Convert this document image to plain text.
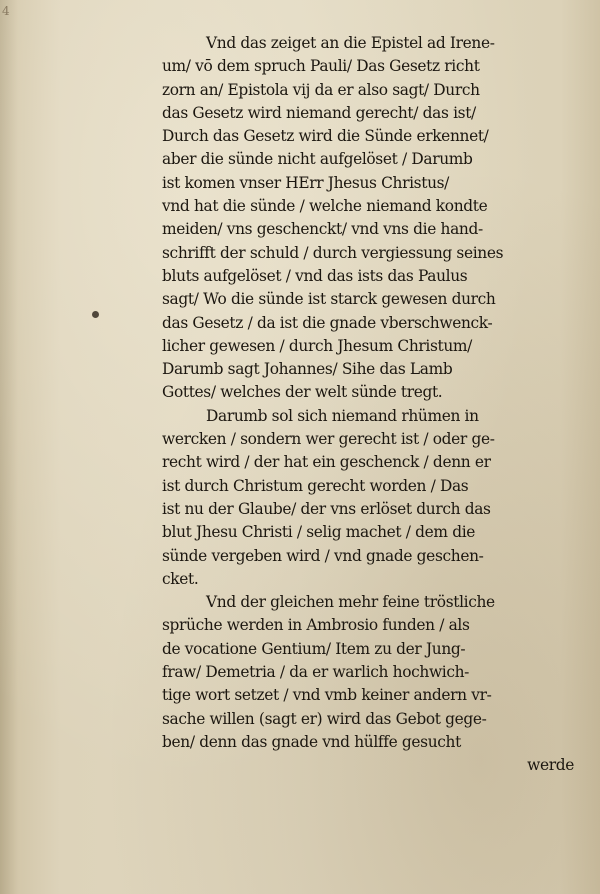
4
Vnd das zeiget an die Epistel ad Irene-
um/ vō dem spruch Pauli/ Das Gesetz richt
zorn an/ Epistola vij da er also sagt/ Durch
das Gesetz wird niemand gerecht/ das ist/
Durch das Gesetz wird die Sünde erkennet/
aber die sünde nicht aufgelöset / Darumb
ist komen vnser HErr Jhesus Christus/
vnd hat die sünde / welche niemand kondte
meiden/ vns geschenckt/ vnd vns die hand-
schrifft der schuld / durch vergiessung seines
bluts aufgelöset / vnd das ists das Paulus
sagt/ Wo die sünde ist starck gewesen durch
das Gesetz / da ist die gnade vberschwenck-
licher gewesen / durch Jhesum Christum/
Darumb sagt Johannes/ Sihe das Lamb
Gottes/ welches der welt sünde tregt.
Darumb sol sich niemand rhümen in
wercken / sondern wer gerecht ist / oder ge-
recht wird / der hat ein geschenck / denn er
ist durch Christum gerecht worden / Das
ist nu der Glaube/ der vns erlöset durch das
blut Jhesu Christi / selig machet / dem die
sünde vergeben wird / vnd gnade geschen-
cket.
Vnd der gleichen mehr feine tröstliche
sprüche werden in Ambrosio funden / als
de vocatione Gentium/ Item zu der Jung-
fraw/ Demetria / da er warlich hochwich-
tige wort setzet / vnd vmb keiner andern vr-
sache willen (sagt er) wird das Gebot gege-
ben/ denn das gnade vnd hülffe gesucht
werde
